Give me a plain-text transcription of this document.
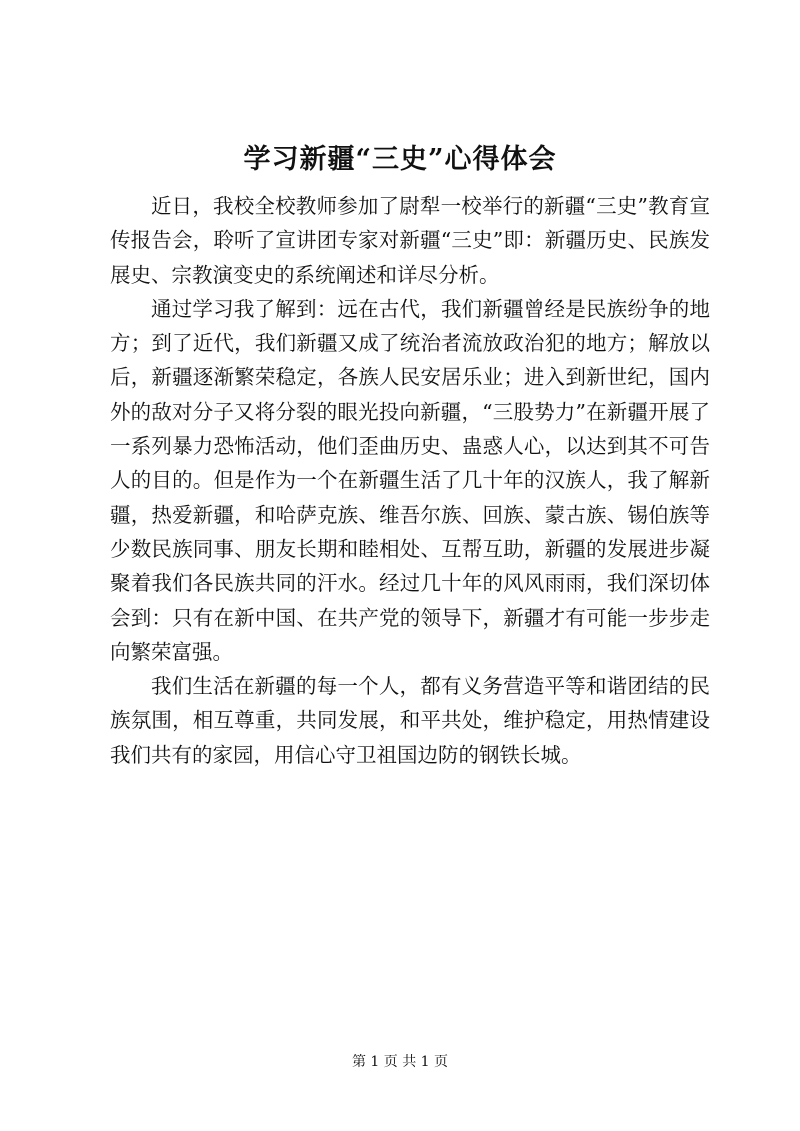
学习新疆“三史”心得体会

近日，我校全校教师参加了尉犁一校举行的新疆“三史”教育宣传报告会，聆听了宣讲团专家对新疆“三史”即：新疆历史、民族发展史、宗教演变史的系统阐述和详尽分析。

通过学习我了解到：远在古代，我们新疆曾经是民族纷争的地方；到了近代，我们新疆又成了统治者流放政治犯的地方；解放以后，新疆逐渐繁荣稳定，各族人民安居乐业；进入到新世纪，国内外的敌对分子又将分裂的眼光投向新疆，“三股势力”在新疆开展了一系列暴力恐怖活动，他们歪曲历史、蛊惑人心，以达到其不可告人的目的。但是作为一个在新疆生活了几十年的汉族人，我了解新疆，热爱新疆，和哈萨克族、维吾尔族、回族、蒙古族、锡伯族等少数民族同事、朋友长期和睦相处、互帮互助，新疆的发展进步凝聚着我们各民族共同的汗水。经过几十年的风风雨雨，我们深切体会到：只有在新中国、在共产党的领导下，新疆才有可能一步步走向繁荣富强。

我们生活在新疆的每一个人，都有义务营造平等和谐团结的民族氛围，相互尊重，共同发展，和平共处，维护稳定，用热情建设我们共有的家园，用信心守卫祖国边防的钢铁长城。

第 1 页 共 1 页
